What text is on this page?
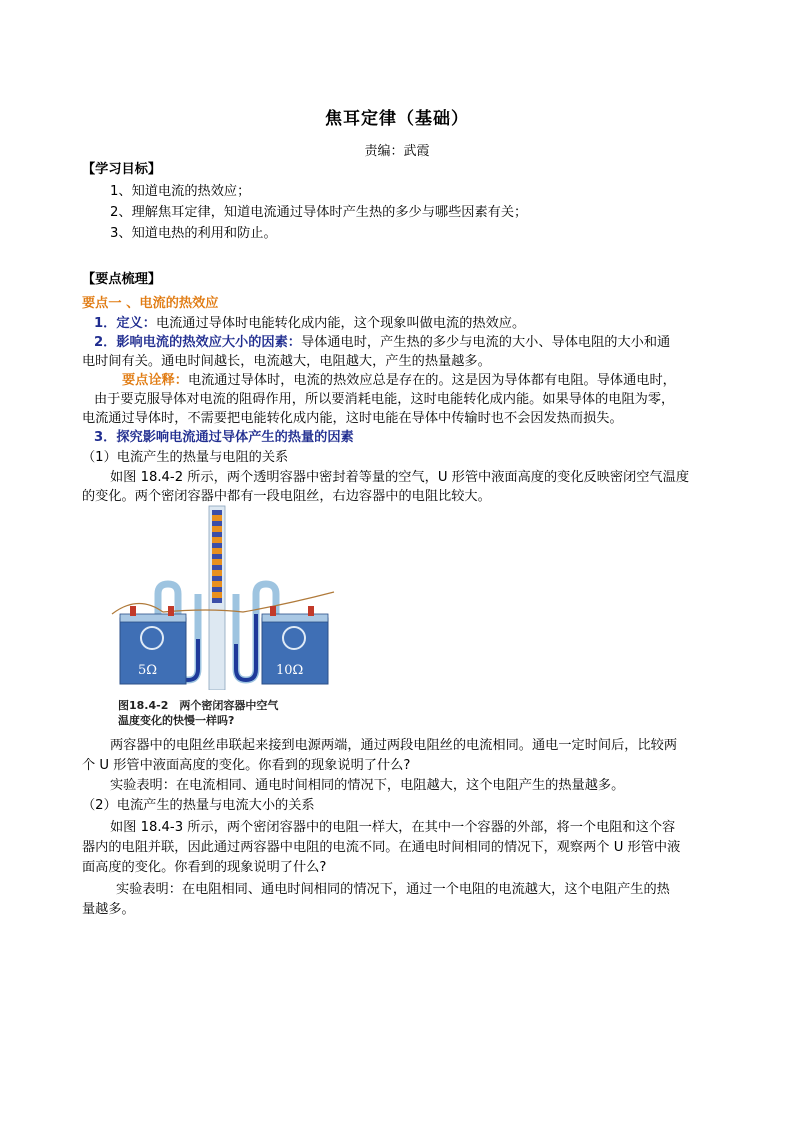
焦耳定律（基础）
责编：武霞
【学习目标】
1、知道电流的热效应；
2、理解焦耳定律，知道电流通过导体时产生热的多少与哪些因素有关；
3、知道电热的利用和防止。
【要点梳理】
要点一 、电流的热效应
1．定义：电流通过导体时电能转化成内能，这个现象叫做电流的热效应。
2．影响电流的热效应大小的因素：导体通电时，产生热的多少与电流的大小、导体电阻的大小和通
电时间有关。通电时间越长，电流越大，电阻越大，产生的热量越多。
要点诠释：电流通过导体时，电流的热效应总是存在的。这是因为导体都有电阻。导体通电时，
由于要克服导体对电流的阻碍作用，所以要消耗电能，这时电能转化成内能。如果导体的电阻为零，
电流通过导体时，不需要把电能转化成内能，这时电能在导体中传输时也不会因发热而损失。
3．探究影响电流通过导体产生的热量的因素
（1）电流产生的热量与电阻的关系
如图 18.4-2 所示，两个透明容器中密封着等量的空气，U 形管中液面高度的变化反映密闭空气温度
的变化。两个密闭容器中都有一段电阻丝，右边容器中的电阻比较大。
5Ω	10Ω
图18.4-2　两个密闭容器中空气
温度变化的快慢一样吗?
两容器中的电阻丝串联起来接到电源两端，通过两段电阻丝的电流相同。通电一定时间后，比较两
个 U 形管中液面高度的变化。你看到的现象说明了什么?
实验表明：在电流相同、通电时间相同的情况下，电阻越大，这个电阻产生的热量越多。
（2）电流产生的热量与电流大小的关系
如图 18.4-3 所示，两个密闭容器中的电阻一样大，在其中一个容器的外部，将一个电阻和这个容
器内的电阻并联，因此通过两容器中电阻的电流不同。在通电时间相同的情况下，观察两个 U 形管中液
面高度的变化。你看到的现象说明了什么?
实验表明：在电阻相同、通电时间相同的情况下，通过一个电阻的电流越大，这个电阻产生的热
量越多。
